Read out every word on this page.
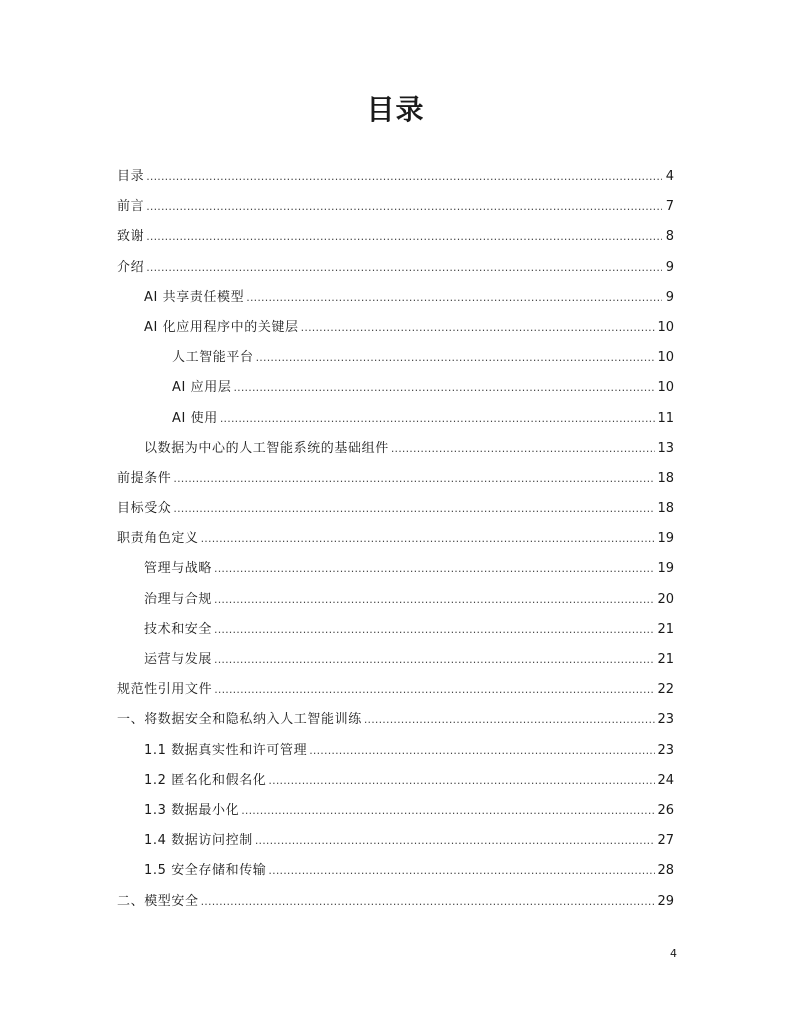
目录
目录 .....	4
前言 .....	7
致谢 .....	8
介绍 .....	9
AI 共享责任模型 .....	9
AI 化应用程序中的关键层 .....	10
人工智能平台 .....	10
AI 应用层 .....	10
AI 使用 .....	11
以数据为中心的人工智能系统的基础组件 .....	13
前提条件 .....	18
目标受众 .....	18
职责角色定义 .....	19
管理与战略 .....	19
治理与合规 .....	20
技术和安全 .....	21
运营与发展 .....	21
规范性引用文件 .....	22
一、将数据安全和隐私纳入人工智能训练 .....	23
1.1 数据真实性和许可管理 .....	23
1.2 匿名化和假名化 .....	24
1.3 数据最小化 .....	26
1.4 数据访问控制 .....	27
1.5 安全存储和传输 .....	28
二、模型安全 .....	29
4
